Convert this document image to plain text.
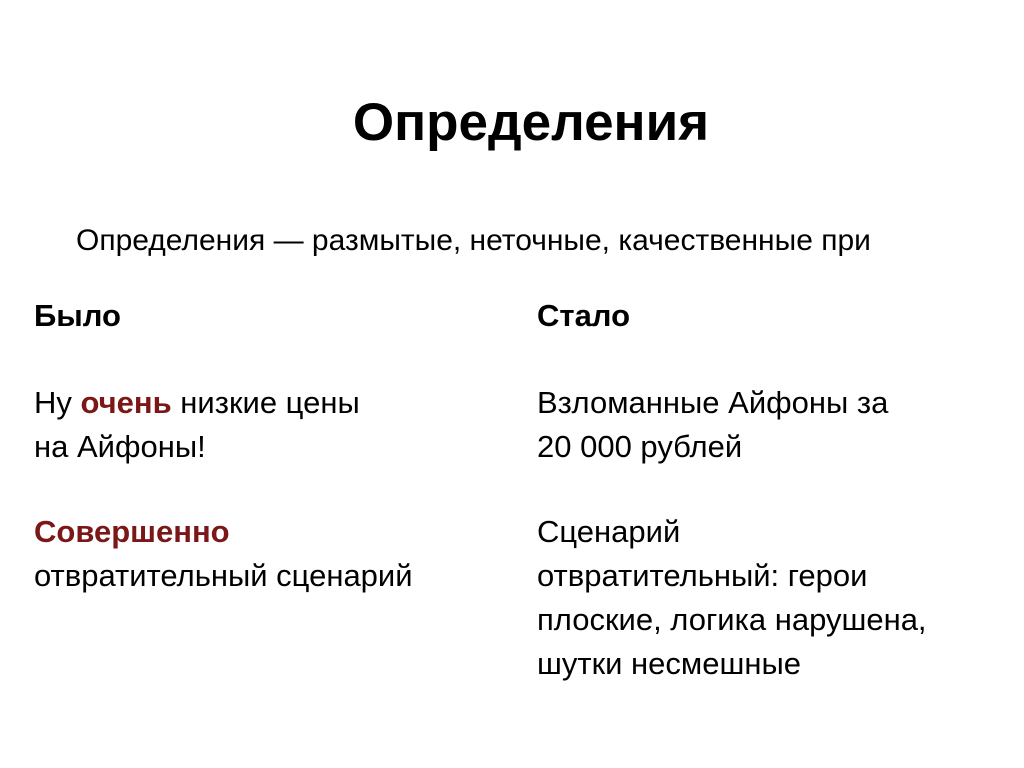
Определения
Определения — размытые, неточные, качественные при
Было	Стало
Ну очень низкие цены
на Айфоны!
Взломанные Айфоны за
20 000 рублей
Совершенно
отвратительный сценарий
Сценарий
отвратительный: герои
плоские, логика нарушена,
шутки несмешные
